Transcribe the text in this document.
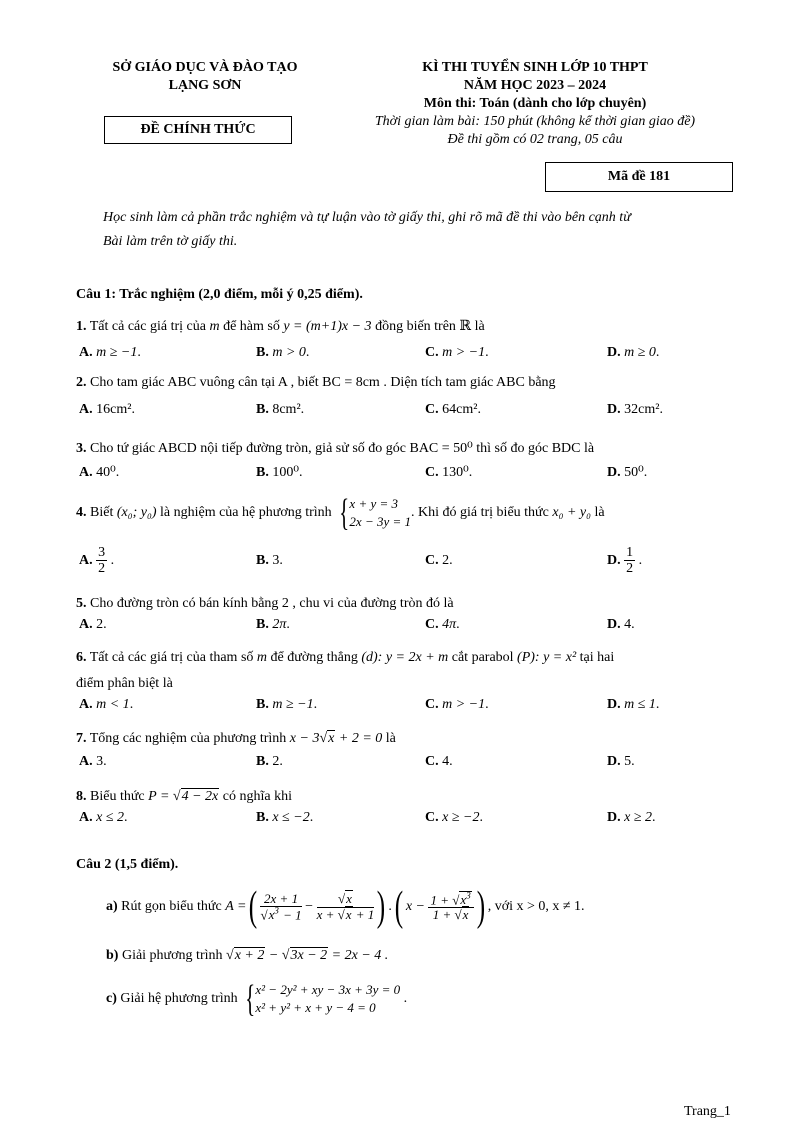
SỞ GIÁO DỤC VÀ ĐÀO TẠO
LẠNG SƠN
ĐỀ CHÍNH THỨC
KÌ THI TUYỂN SINH LỚP 10 THPT
NĂM HỌC 2023 – 2024
Môn thi: Toán (dành cho lớp chuyên)
Thời gian làm bài: 150 phút (không kể thời gian giao đề)
Đề thi gồm có 02 trang, 05 câu
Mã đề 181
Học sinh làm cả phần trắc nghiệm và tự luận vào tờ giấy thi, ghi rõ mã đề thi vào bên cạnh từ
Bài làm trên tờ giấy thi.
Câu 1: Trắc nghiệm (2,0 điểm, mỗi ý 0,25 điểm).
1. Tất cả các giá trị của m để hàm số y = (m+1)x − 3 đồng biến trên ℝ là
A. m ≥ −1.	B. m > 0.	C. m > −1.	D. m ≥ 0.
2. Cho tam giác ABC vuông cân tại A , biết BC = 8cm . Diện tích tam giác ABC bằng
A. 16cm².	B. 8cm².	C. 64cm².	D. 32cm².
3. Cho tứ giác ABCD nội tiếp đường tròn, giả sử số đo góc BAC = 50⁰ thì số đo góc BDC là
A. 40⁰.	B. 100⁰.	C. 130⁰.	D. 50⁰.
4. Biết (x₀; y₀) là nghiệm của hệ phương trình { x + y = 3
2x − 3y = 1
. Khi đó giá trị biểu thức x₀ + y₀ là
A. $\frac{3}{2}$ .	B. 3.	C. 2.	D. $\frac{1}{2}$ .
5. Cho đường tròn có bán kính bằng 2 , chu vi của đường tròn đó là
A. 2.	B. 2π.	C. 4π.	D. 4.
6. Tất cả các giá trị của tham số m để đường thẳng (d): y = 2x + m cắt parabol (P): y = x² tại hai
điểm phân biệt là
A. m < 1.	B. m ≥ −1.	C. m > −1.	D. m ≤ 1.
7. Tổng các nghiệm của phương trình x − 3√x + 2 = 0 là
A. 3.	B. 2.	C. 4.	D. 5.
8. Biểu thức P = √4 − 2x có nghĩa khi
A. x ≤ 2.	B. x ≤ −2.	C. x ≥ −2.	D. x ≥ 2.
Câu 2 (1,5 điểm).
a) Rút gọn biểu thức A =( $\frac{2x + 1}{√x^3 - 1} - \frac{√x}{x + √x + 1}$ ) .( $x - \frac{1 + √x^3}{1 + √x}$ ) , với x > 0, x ≠ 1.
b) Giải phương trình √x + 2 − √3x − 2 = 2x − 4 .
c) Giải hệ phương trình { x² − 2y² + xy − 3x + 3y = 0
x² + y² + x + y − 4 = 0
.
Trang_1
